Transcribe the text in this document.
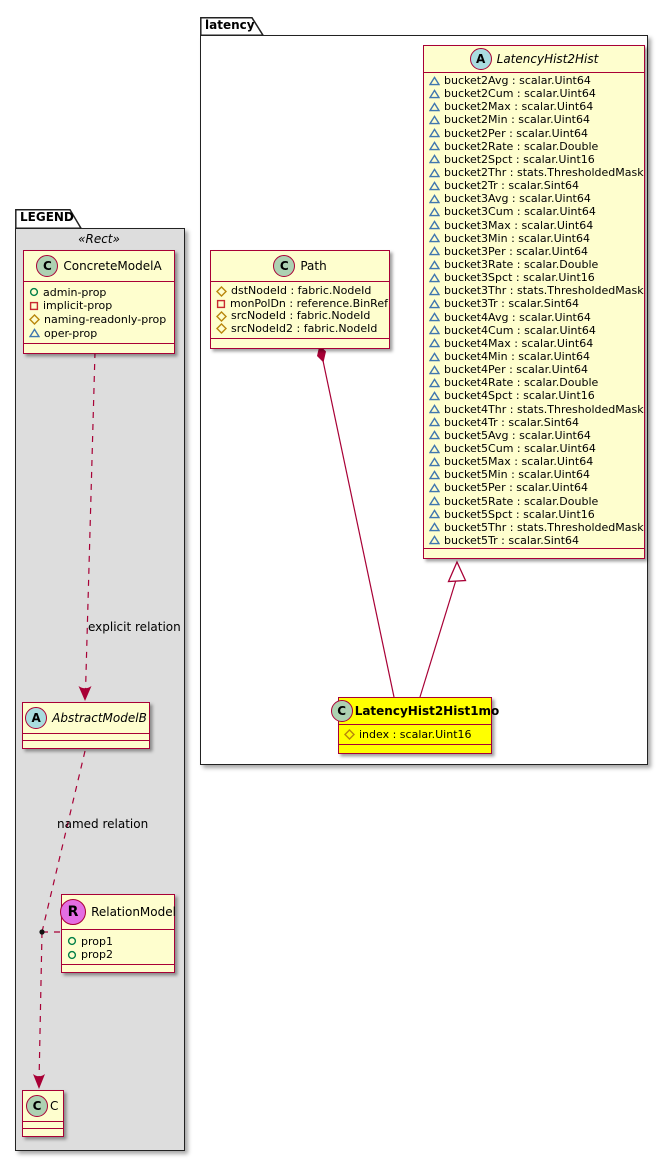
latency
LEGEND
«Rect»
explicit relation
named relation
A LatencyHist2Hist
bucket2Avg : scalar.Uint64
bucket2Cum : scalar.Uint64
bucket2Max : scalar.Uint64
bucket2Min : scalar.Uint64
bucket2Per : scalar.Uint64
bucket2Rate : scalar.Double
bucket2Spct : scalar.Uint16
bucket2Thr : stats.ThresholdedMask
bucket2Tr : scalar.Sint64
bucket3Avg : scalar.Uint64
bucket3Cum : scalar.Uint64
bucket3Max : scalar.Uint64
bucket3Min : scalar.Uint64
bucket3Per : scalar.Uint64
bucket3Rate : scalar.Double
bucket3Spct : scalar.Uint16
bucket3Thr : stats.ThresholdedMask
bucket3Tr : scalar.Sint64
bucket4Avg : scalar.Uint64
bucket4Cum : scalar.Uint64
bucket4Max : scalar.Uint64
bucket4Min : scalar.Uint64
bucket4Per : scalar.Uint64
bucket4Rate : scalar.Double
bucket4Spct : scalar.Uint16
bucket4Thr : stats.ThresholdedMask
bucket4Tr : scalar.Sint64
bucket5Avg : scalar.Uint64
bucket5Cum : scalar.Uint64
bucket5Max : scalar.Uint64
bucket5Min : scalar.Uint64
bucket5Per : scalar.Uint64
bucket5Rate : scalar.Double
bucket5Spct : scalar.Uint16
bucket5Thr : stats.ThresholdedMask
bucket5Tr : scalar.Sint64
C Path
dstNodeId : fabric.NodeId
monPolDn : reference.BinRef
srcNodeId : fabric.NodeId
srcNodeId2 : fabric.NodeId
C LatencyHist2Hist1mo
index : scalar.Uint16
C ConcreteModelA
admin-prop
implicit-prop
naming-readonly-prop
oper-prop
A AbstractModelB
R	RelationModel
prop1
prop2
C C
